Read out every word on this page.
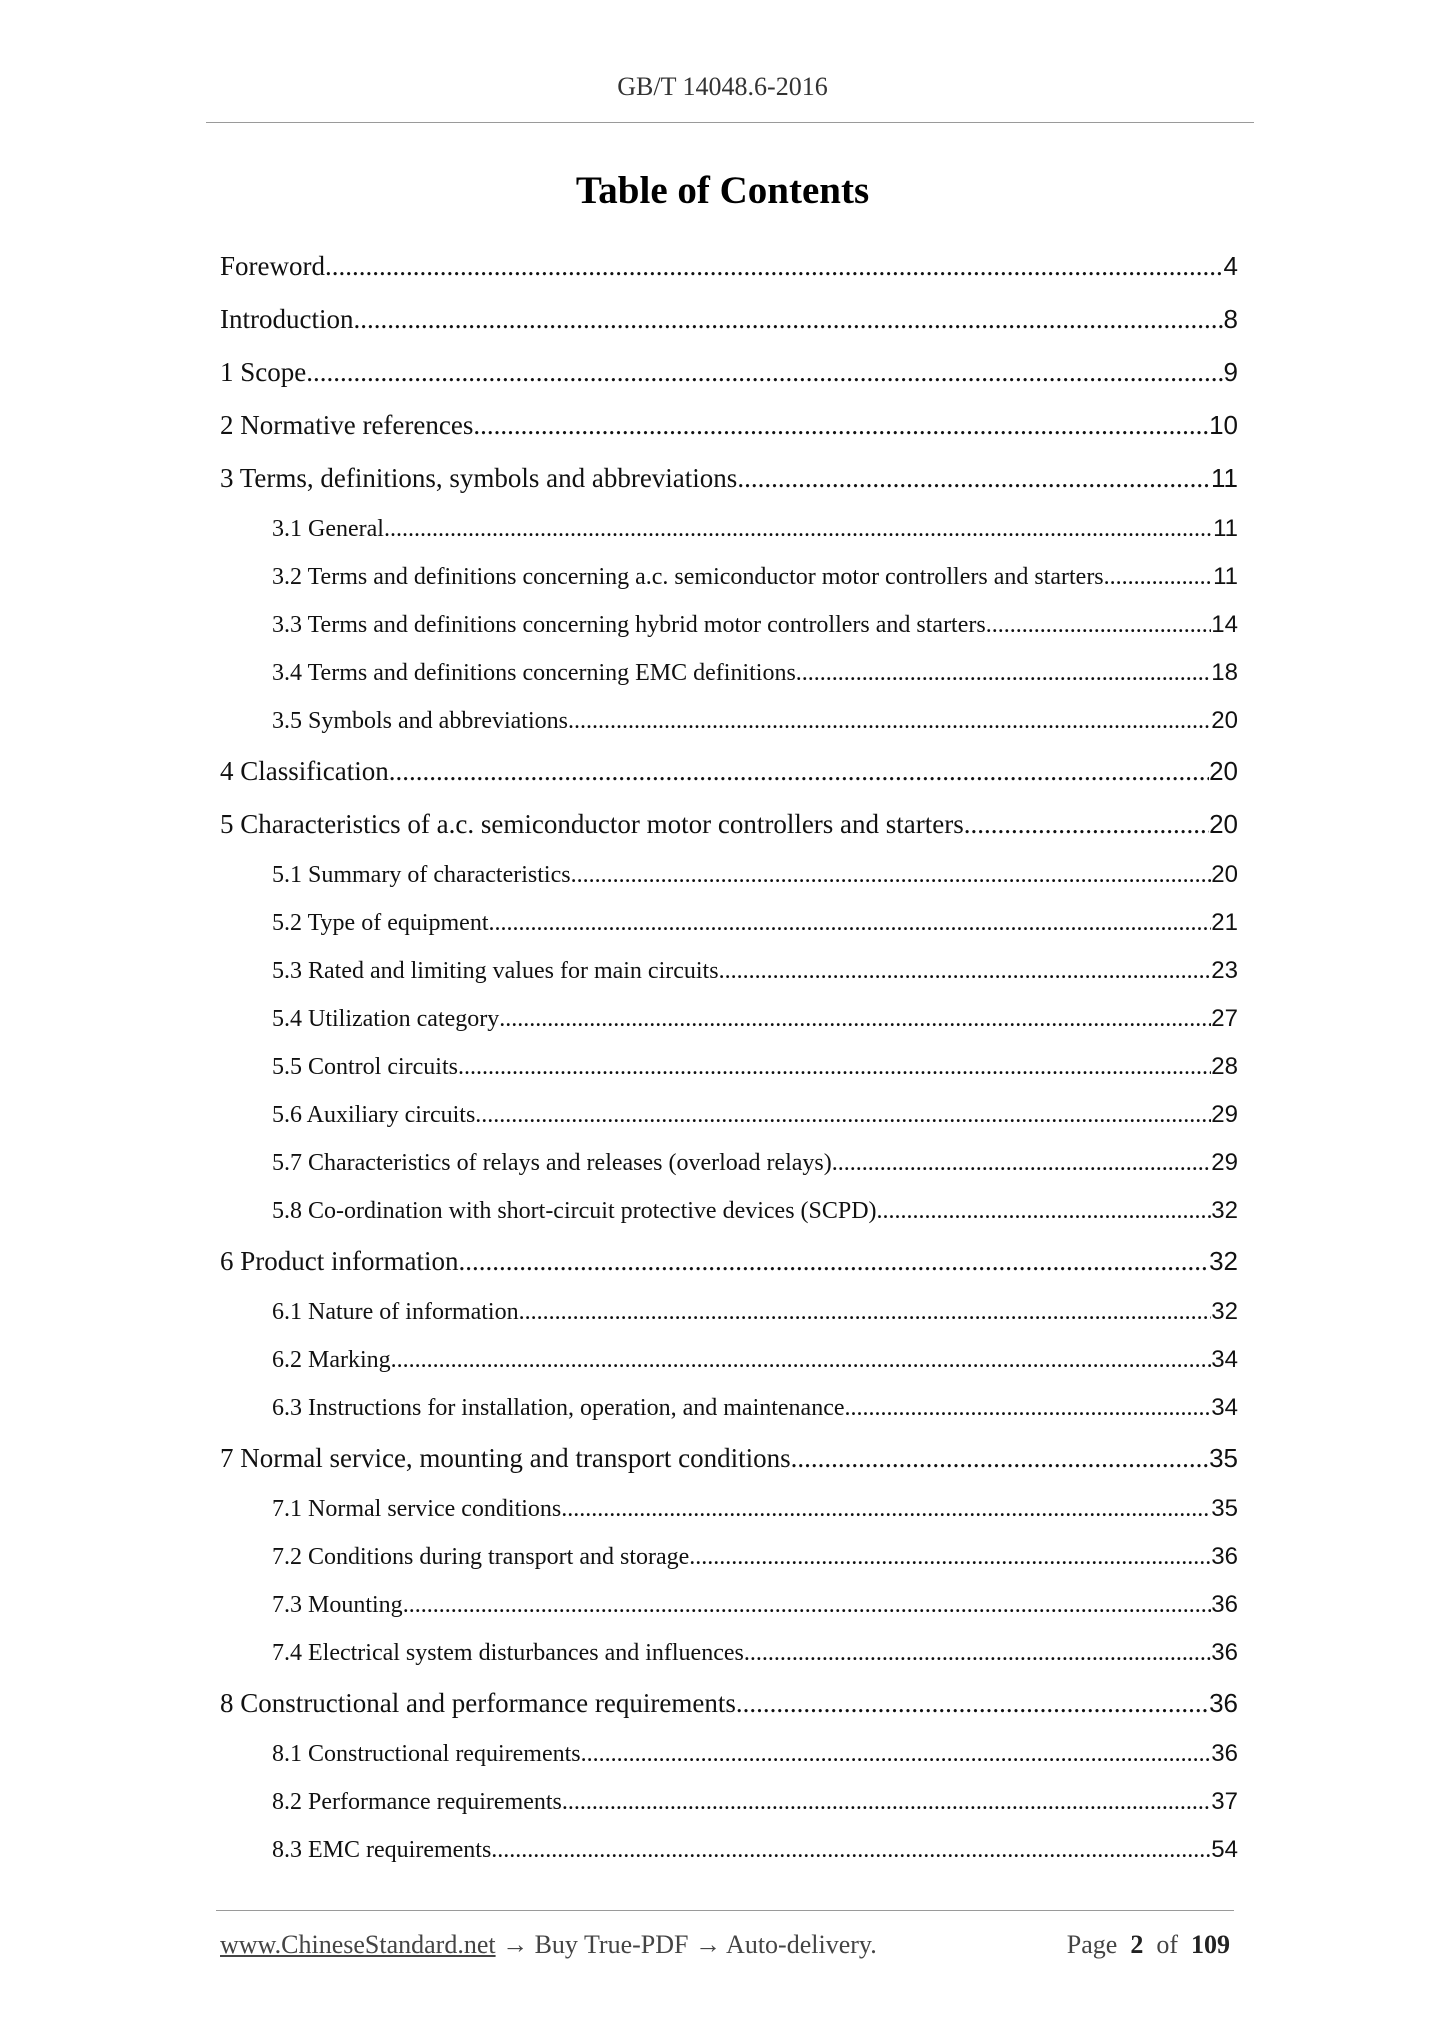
GB/T 14048.6-2016
Table of Contents
Foreword .....	4
Introduction .....	8
1 Scope .....	9
2 Normative references .....	10
3 Terms, definitions, symbols and abbreviations .....	11
3.1 General .....	11
3.2 Terms and definitions concerning a.c. semiconductor motor controllers and starters .....	11
3.3 Terms and definitions concerning hybrid motor controllers and starters .....	14
3.4 Terms and definitions concerning EMC definitions .....	18
3.5 Symbols and abbreviations .....	20
4 Classification .....	20
5 Characteristics of a.c. semiconductor motor controllers and starters .....	20
5.1 Summary of characteristics .....	20
5.2 Type of equipment .....	21
5.3 Rated and limiting values for main circuits .....	23
5.4 Utilization category .....	27
5.5 Control circuits .....	28
5.6 Auxiliary circuits .....	29
5.7 Characteristics of relays and releases (overload relays) .....	29
5.8 Co-ordination with short-circuit protective devices (SCPD) .....	32
6 Product information .....	32
6.1 Nature of information .....	32
6.2 Marking .....	34
6.3 Instructions for installation, operation, and maintenance .....	34
7 Normal service, mounting and transport conditions .....	35
7.1 Normal service conditions .....	35
7.2 Conditions during transport and storage .....	36
7.3 Mounting .....	36
7.4 Electrical system disturbances and influences .....	36
8 Constructional and performance requirements .....	36
8.1 Constructional requirements .....	36
8.2 Performance requirements .....	37
8.3 EMC requirements .....	54
www.ChineseStandard.net → Buy True-PDF → Auto-delivery.	Page 2 of 109
